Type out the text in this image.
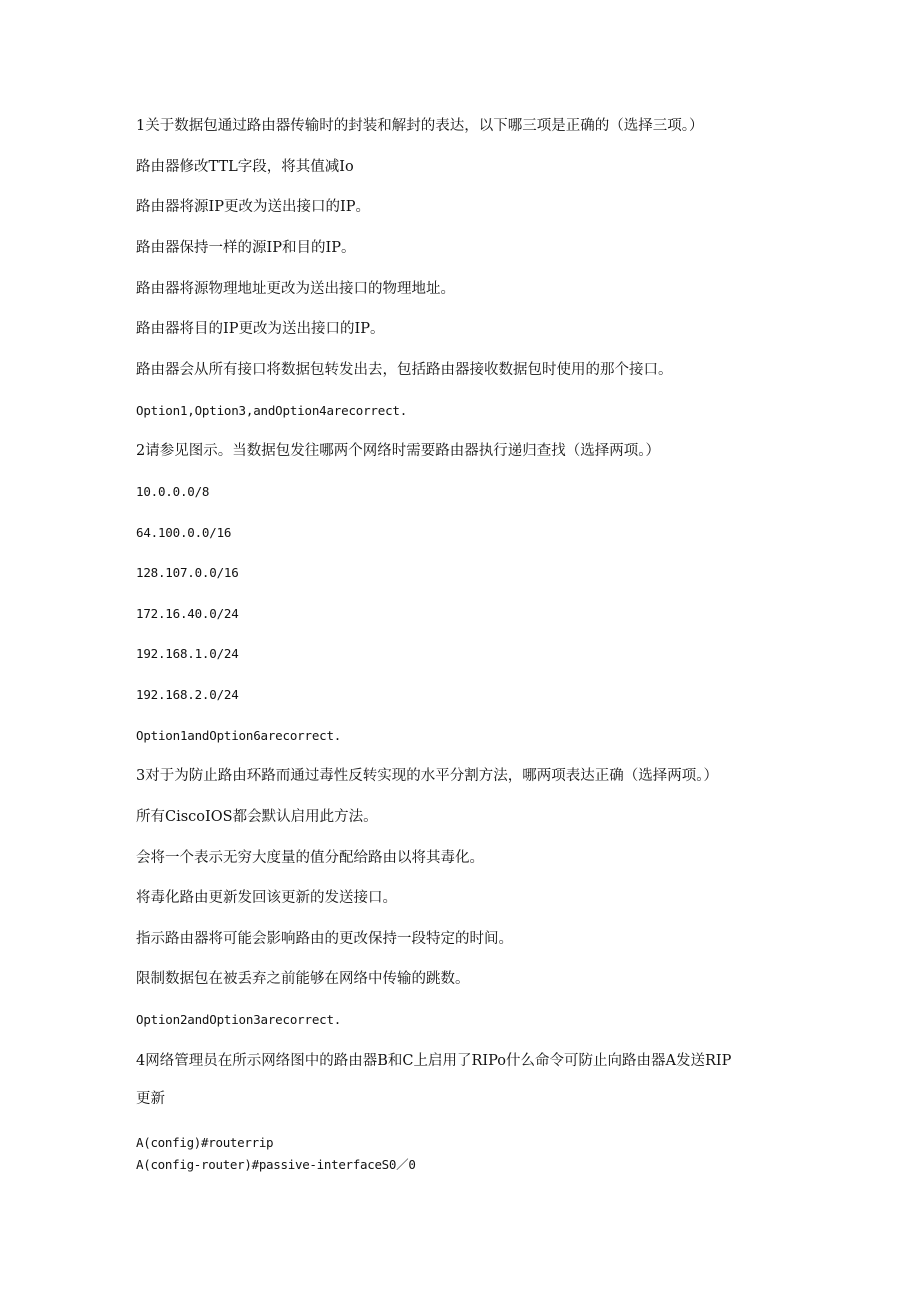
1关于数据包通过路由器传输时的封装和解封的表达，以下哪三项是正确的（选择三项。）
路由器修改TTL字段，将其值减Io
路由器将源IP更改为送出接口的IP。
路由器保持一样的源IP和目的IP。
路由器将源物理地址更改为送出接口的物理地址。
路由器将目的IP更改为送出接口的IP。
路由器会从所有接口将数据包转发出去，包括路由器接收数据包时使用的那个接口。
Option1,Option3,andOption4arecorrect.
2请参见图示。当数据包发往哪两个网络时需要路由器执行递归查找（选择两项。）
10.0.0.0/8
64.100.0.0/16
128.107.0.0/16
172.16.40.0/24
192.168.1.0/24
192.168.2.0/24
Option1andOption6arecorrect.
3对于为防止路由环路而通过毒性反转实现的水平分割方法，哪两项表达正确（选择两项。）
所有CiscoIOS都会默认启用此方法。
会将一个表示无穷大度量的值分配给路由以将其毒化。
将毒化路由更新发回该更新的发送接口。
指示路由器将可能会影响路由的更改保持一段特定的时间。
限制数据包在被丢弃之前能够在网络中传输的跳数。
Option2andOption3arecorrect.
4网络管理员在所示网络图中的路由器B和C上启用了RIPo什么命令可防止向路由器A发送RIP
更新
A(config)#routerrip
A(config-router)#passive-interfaceS0／0
